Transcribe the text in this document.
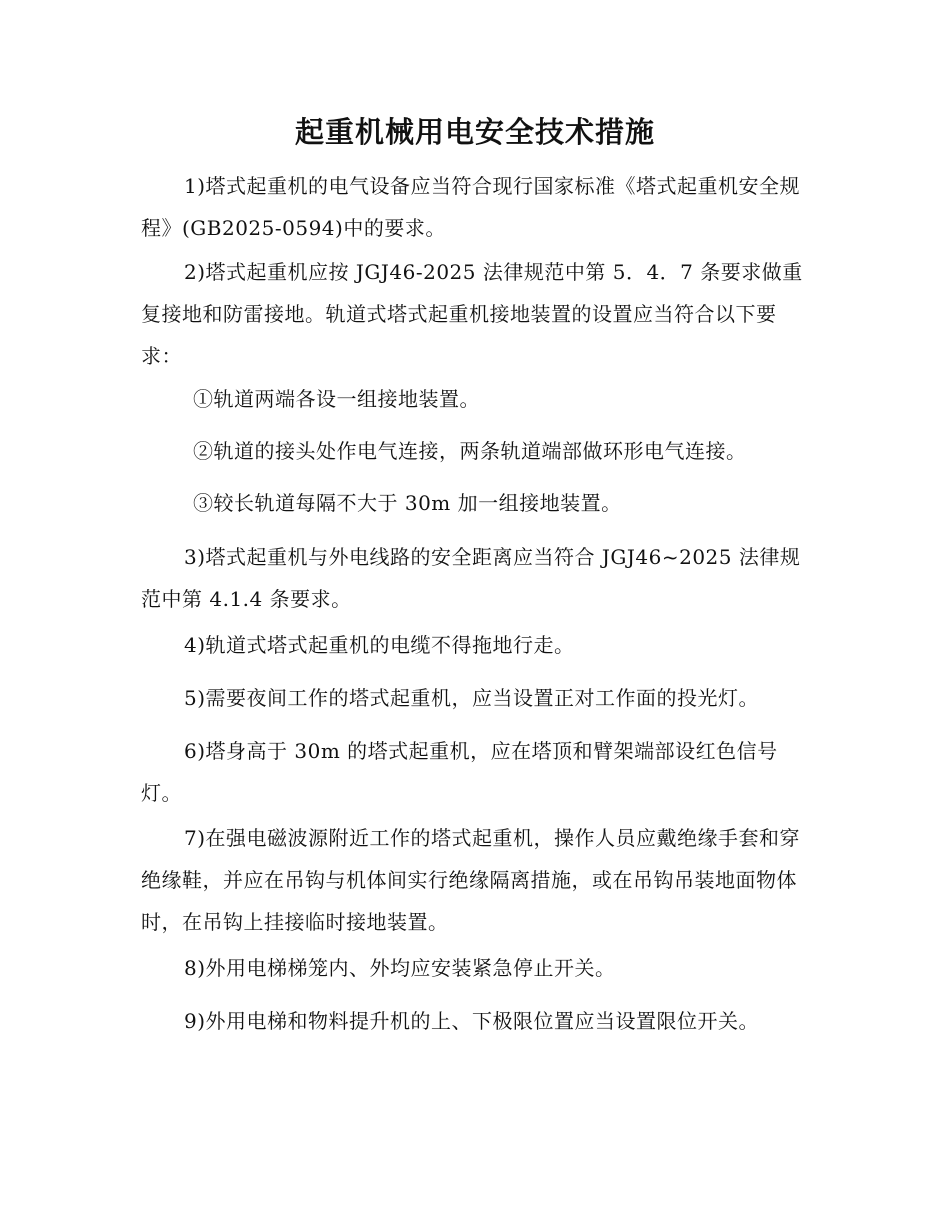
起重机械用电安全技术措施
1)塔式起重机的电气设备应当符合现行国家标准《塔式起重机安全规程》(GB2025-0594)中的要求。
2)塔式起重机应按 JGJ46-2025 法律规范中第 5．4．7 条要求做重复接地和防雷接地。轨道式塔式起重机接地装置的设置应当符合以下要求：
①轨道两端各设一组接地装置。
②轨道的接头处作电气连接，两条轨道端部做环形电气连接。
③较长轨道每隔不大于 30m 加一组接地装置。
3)塔式起重机与外电线路的安全距离应当符合 JGJ46~2025 法律规范中第 4.1.4 条要求。
4)轨道式塔式起重机的电缆不得拖地行走。
5)需要夜间工作的塔式起重机，应当设置正对工作面的投光灯。
6)塔身高于 30m 的塔式起重机，应在塔顶和臂架端部设红色信号灯。
7)在强电磁波源附近工作的塔式起重机，操作人员应戴绝缘手套和穿绝缘鞋，并应在吊钩与机体间实行绝缘隔离措施，或在吊钩吊装地面物体时，在吊钩上挂接临时接地装置。
8)外用电梯梯笼内、外均应安装紧急停止开关。
9)外用电梯和物料提升机的上、下极限位置应当设置限位开关。
